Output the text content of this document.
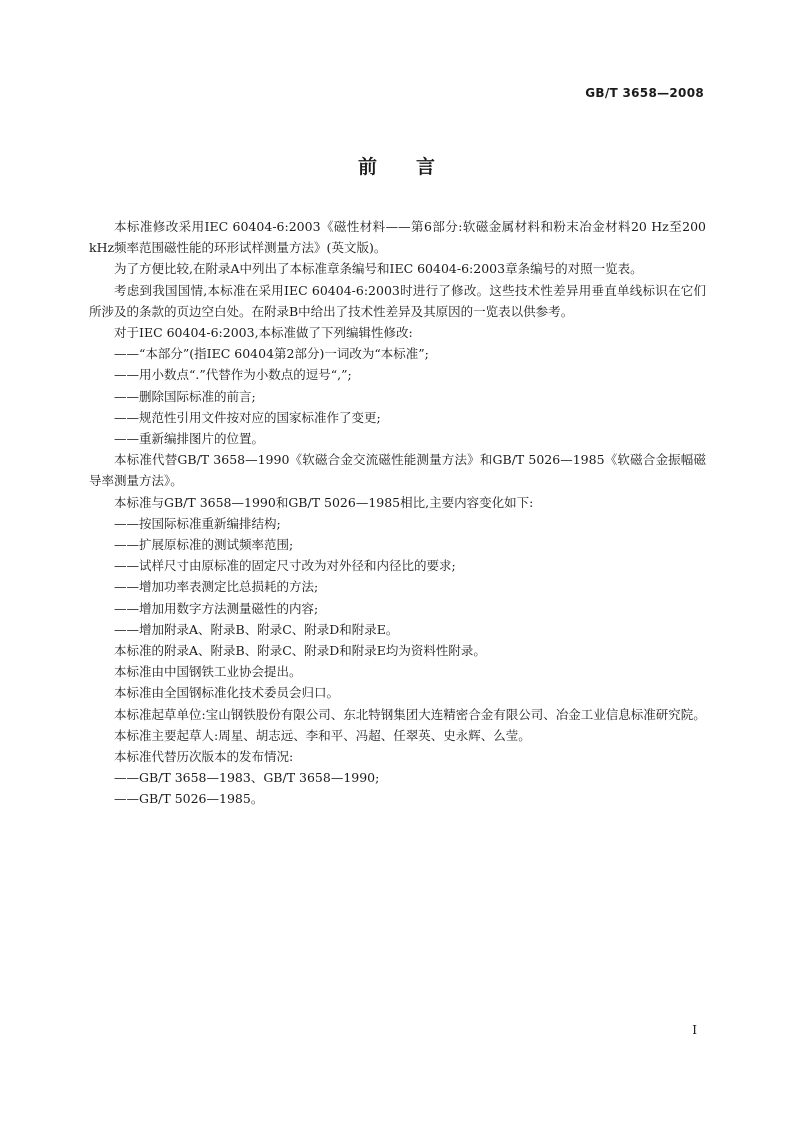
GB/T 3658—2008
前 言

本标准修改采用IEC 60404-6:2003《磁性材料——第6部分:软磁金属材料和粉末冶金材料20 Hz至200 kHz频率范围磁性能的环形试样测量方法》(英文版)。

为了方便比较,在附录A中列出了本标准章条编号和IEC 60404-6:2003章条编号的对照一览表。

考虑到我国国情,本标准在采用IEC 60404-6:2003时进行了修改。这些技术性差异用垂直单线标识在它们所涉及的条款的页边空白处。在附录B中给出了技术性差异及其原因的一览表以供参考。

对于IEC 60404-6:2003,本标准做了下列编辑性修改:

——“本部分”(指IEC 60404第2部分)一词改为“本标准”;

——用小数点“.”代替作为小数点的逗号“,”;

——删除国际标准的前言;

——规范性引用文件按对应的国家标准作了变更;

——重新编排图片的位置。

本标准代替GB/T 3658—1990《软磁合金交流磁性能测量方法》和GB/T 5026—1985《软磁合金振幅磁导率测量方法》。

本标准与GB/T 3658—1990和GB/T 5026—1985相比,主要内容变化如下:

——按国际标准重新编排结构;

——扩展原标准的测试频率范围;

——试样尺寸由原标准的固定尺寸改为对外径和内径比的要求;

——增加功率表测定比总损耗的方法;

——增加用数字方法测量磁性的内容;

——增加附录A、附录B、附录C、附录D和附录E。

本标准的附录A、附录B、附录C、附录D和附录E均为资料性附录。

本标准由中国钢铁工业协会提出。

本标准由全国钢标准化技术委员会归口。

本标准起草单位:宝山钢铁股份有限公司、东北特钢集团大连精密合金有限公司、冶金工业信息标准研究院。

本标准主要起草人:周星、胡志远、李和平、冯超、任翠英、史永辉、么莹。

本标准代替历次版本的发布情况:

——GB/T 3658—1983、GB/T 3658—1990;

——GB/T 5026—1985。

I
